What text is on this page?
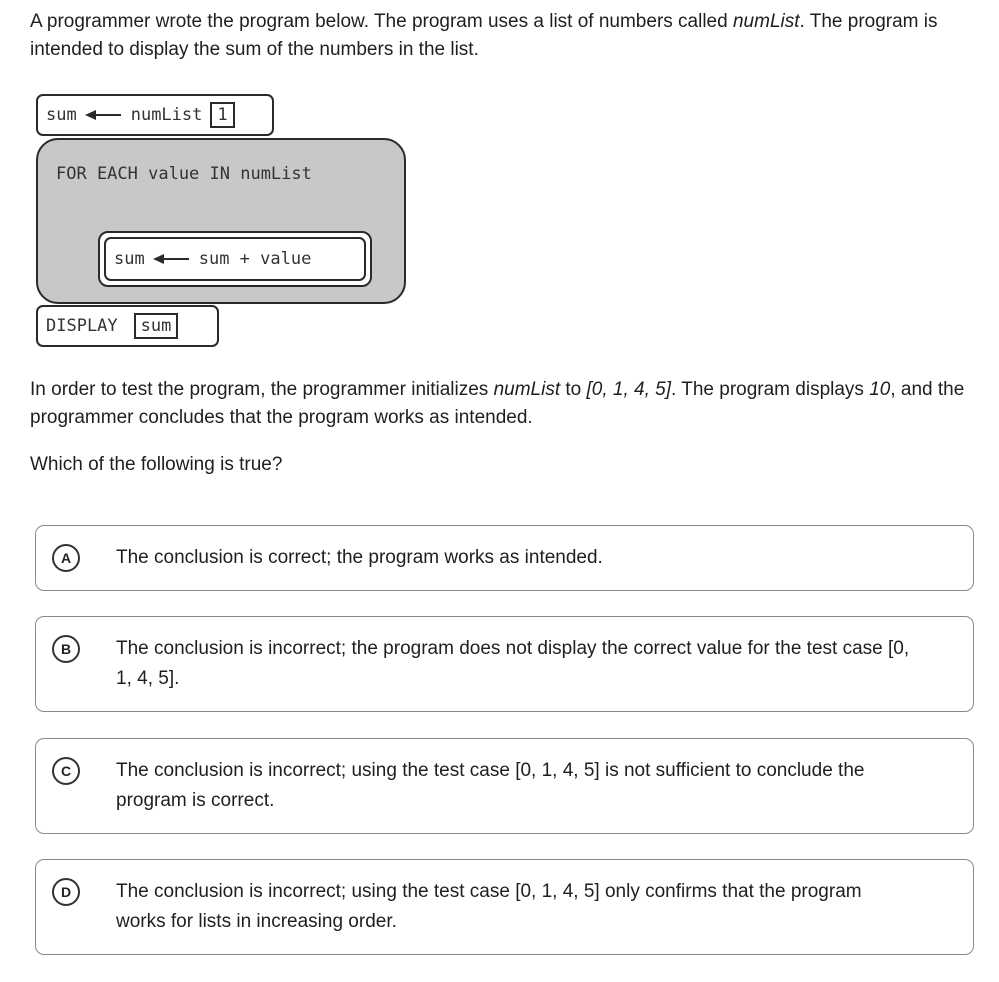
A programmer wrote the program below. The program uses a list of numbers called numList. The program is intended to display the sum of the numbers in the list.

sum	numList 1
FOR EACH value IN numList
sum	sum + value
DISPLAY	sum

In order to test the program, the programmer initializes numList to [0, 1, 4, 5]. The program displays 10, and the programmer concludes that the program works as intended.

Which of the following is true?

A	The conclusion is correct; the program works as intended.
B	The conclusion is incorrect; the program does not display the correct value for the test case [0, 1, 4, 5].
C	The conclusion is incorrect; using the test case [0, 1, 4, 5] is not sufficient to conclude the program is correct.
D	The conclusion is incorrect; using the test case [0, 1, 4, 5] only confirms that the program works for lists in increasing order.
